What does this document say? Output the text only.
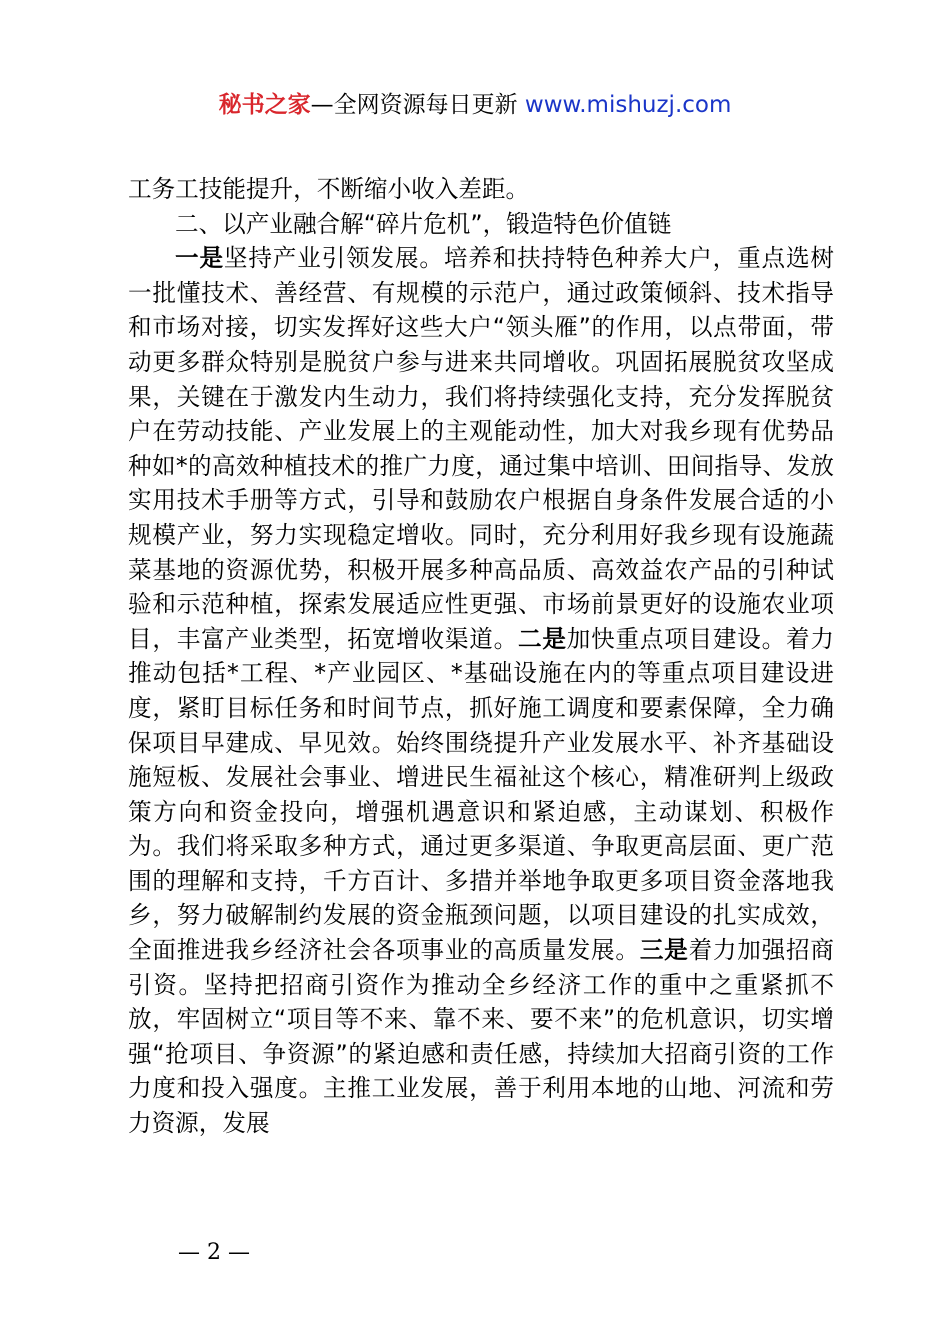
秘书之家—全网资源每日更新 www.mishuzj.com

工务工技能提升，不断缩小收入差距。

二、以产业融合解“碎片危机”，锻造特色价值链

一是坚持产业引领发展。培养和扶持特色种养大户，重点选树一批懂技术、善经营、有规模的示范户，通过政策倾斜、技术指导和市场对接，切实发挥好这些大户“领头雁”的作用，以点带面，带动更多群众特别是脱贫户参与进来共同增收。巩固拓展脱贫攻坚成果，关键在于激发内生动力，我们将持续强化支持，充分发挥脱贫户在劳动技能、产业发展上的主观能动性，加大对我乡现有优势品种如*的高效种植技术的推广力度，通过集中培训、田间指导、发放实用技术手册等方式，引导和鼓励农户根据自身条件发展合适的小规模产业，努力实现稳定增收。同时，充分利用好我乡现有设施蔬菜基地的资源优势，积极开展多种高品质、高效益农产品的引种试验和示范种植，探索发展适应性更强、市场前景更好的设施农业项目，丰富产业类型，拓宽增收渠道。二是加快重点项目建设。着力推动包括*工程、*产业园区、*基础设施在内的等重点项目建设进度，紧盯目标任务和时间节点，抓好施工调度和要素保障，全力确保项目早建成、早见效。始终围绕提升产业发展水平、补齐基础设施短板、发展社会事业、增进民生福祉这个核心，精准研判上级政策方向和资金投向，增强机遇意识和紧迫感，主动谋划、积极作为。我们将采取多种方式，通过更多渠道、争取更高层面、更广范围的理解和支持，千方百计、多措并举地争取更多项目资金落地我乡，努力破解制约发展的资金瓶颈问题，以项目建设的扎实成效，全面推进我乡经济社会各项事业的高质量发展。三是着力加强招商引资。坚持把招商引资作为推动全乡经济工作的重中之重紧抓不放，牢固树立“项目等不来、靠不来、要不来”的危机意识，切实增强“抢项目、争资源”的紧迫感和责任感，持续加大招商引资的工作力度和投入强度。主推工业发展，善于利用本地的山地、河流和劳力资源，发展

— 2 —
